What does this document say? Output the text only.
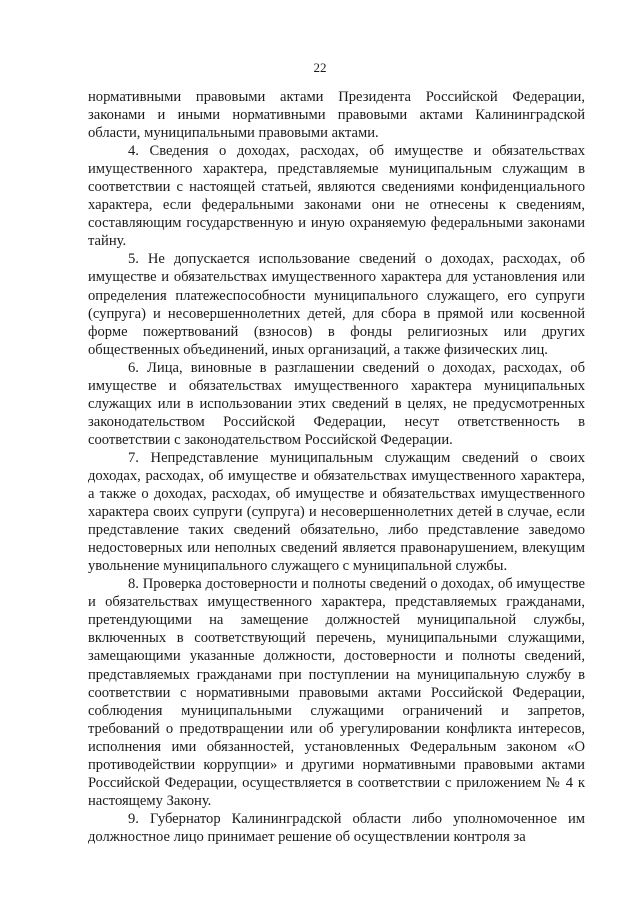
22

нормативными правовыми актами Президента Российской Федерации, законами и иными нормативными правовыми актами Калининградской области, муниципальными правовыми актами.

4. Сведения о доходах, расходах, об имуществе и обязательствах имущественного характера, представляемые муниципальным служащим в соответствии с настоящей статьей, являются сведениями конфиденциального характера, если федеральными законами они не отнесены к сведениям, составляющим государственную и иную охраняемую федеральными законами тайну.

5. Не допускается использование сведений о доходах, расходах, об имуществе и обязательствах имущественного характера для установления или определения платежеспособности муниципального служащего, его супруги (супруга) и несовершеннолетних детей, для сбора в прямой или косвенной форме пожертвований (взносов) в фонды религиозных или других общественных объединений, иных организаций, а также физических лиц.

6. Лица, виновные в разглашении сведений о доходах, расходах, об имуществе и обязательствах имущественного характера муниципальных служащих или в использовании этих сведений в целях, не предусмотренных законодательством Российской Федерации, несут ответственность в соответствии с законодательством Российской Федерации.

7. Непредставление муниципальным служащим сведений о своих доходах, расходах, об имуществе и обязательствах имущественного характера, а также о доходах, расходах, об имуществе и обязательствах имущественного характера своих супруги (супруга) и несовершеннолетних детей в случае, если представление таких сведений обязательно, либо представление заведомо недостоверных или неполных сведений является правонарушением, влекущим увольнение муниципального служащего с муниципальной службы.

8. Проверка достоверности и полноты сведений о доходах, об имуществе и обязательствах имущественного характера, представляемых гражданами, претендующими на замещение должностей муниципальной службы, включенных в соответствующий перечень, муниципальными служащими, замещающими указанные должности, достоверности и полноты сведений, представляемых гражданами при поступлении на муниципальную службу в соответствии с нормативными правовыми актами Российской Федерации, соблюдения муниципальными служащими ограничений и запретов, требований о предотвращении или об урегулировании конфликта интересов, исполнения ими обязанностей, установленных Федеральным законом «О противодействии коррупции» и другими нормативными правовыми актами Российской Федерации, осуществляется в соответствии с приложением № 4 к настоящему Закону.

9. Губернатор Калининградской области либо уполномоченное им должностное лицо принимает решение об осуществлении контроля за
